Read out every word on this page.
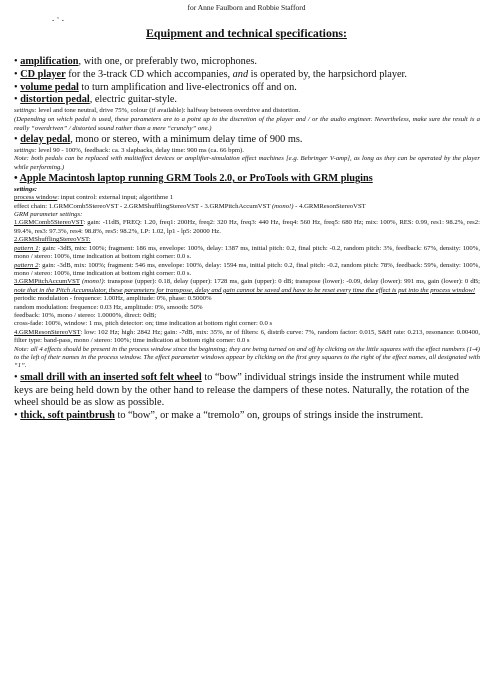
for Anne Faulborn and Robbie Stafford
. · .
Equipment and technical specifications:

• amplification, with one, or preferably two, microphones.

• CD player for the 3-track CD which accompanies, and is operated by, the harpsichord player.

• volume pedal to turn amplification and live-electronics off and on.

• distortion pedal, electric guitar-style.

settings: level and tone neutral, drive 75%, colour (if available): halfway between overdrive and distortion.

(Depending on which pedal is used, these parameters are to a point up to the discretion of the player and / or the audio engineer. Nevertheless, make sure the result is a really “overdriven” / distorted sound rather than a mere “crunchy” one.)

• delay pedal, mono or stereo, with a minimum delay time of 900 ms.

settings: level 90 - 100%, feedback: ca. 3 slapbacks, delay time: 900 ms (ca. 66 bpm).

Note: both pedals can be replaced with multieffect devices or amplifier-simulation effect machines [e.g. Behringer V-amp], as long as they can be operated by the player while performing.)

• Apple Macintosh laptop running GRM Tools 2.0, or ProTools with GRM plugins

settings:

process window: input control: external input; algorithme 1

effect chain: 1.GRMComb5StereoVST - 2.GRMShufflingStereoVST - 3.GRMPitchAccumVST (mono!) - 4.GRMResonStereoVST

GRM parameter settings:

1.GRMComb5StereoVST: gain: -11dB, FREQ: 1.20, freq1: 200Hz, freq2: 320 Hz, freq3: 440 Hz, freq4: 560 Hz, freq5: 680 Hz; mix: 100%, RES: 0.99, res1: 98.2%, res2: 99.4%, res3: 97.3%, res4: 98.8%, res5: 98.2%, LP: 1.02, lp1 - lp5: 20000 Hz.

2.GRMShufflingStereoVST:

pattern 1: gain: -3dB, mix: 100%; fragment: 186 ms, envelope: 100%, delay: 1387 ms, initial pitch: 0.2, final pitch: -0.2, random pitch: 3%, feedback: 67%, density: 100%, mono / stereo: 100%, time indication at bottom right corner: 0.0 s.

pattern 2: gain: -3dB, mix: 100%; fragment: 546 ms, envelope: 100%, delay: 1594 ms, initial pitch: 0.2, final pitch: -0.2, random pitch: 78%, feedback: 59%, density: 100%, mono / stereo: 100%, time indication at bottom right corner: 0.0 s.

3.GRMPitchAccumVST (mono!): transpose (upper): 0.18, delay (upper): 1728 ms, gain (upper): 0 dB; transpose (lower): -0.09, delay (lower): 991 ms, gain (lower): 0 dB; note that in the Pitch Accumulator, these parameters for transpose, delay and gain cannot be saved and have to be reset every time the effect is put into the process window!

periodic modulation - frequence: 1.00Hz, amplitude: 0%, phase: 0.5000%

random modulation: frequence: 0.03 Hz, amplitude: 0%, smooth: 50%

feedback: 10%, mono / stereo: 1.0000%, direct: 0dB;

cross-fade: 100%, window: 1 ms, pitch detector: on; time indication at bottom right corner: 0.0 s

4.GRMResonStereoVST: low: 102 Hz; high: 2842 Hz; gain: -7dB, mix: 35%, nr of filters: 6, distrib curve: 7%, random factor: 0.015, S&H rate: 0.213, resonance: 0.00400, filter type: band-pass, mono / stereo: 100%; time indication at bottom right corner: 0.0 s

Note: all 4 effects should be present in the process window since the beginning; they are being turned on and off by clicking on the little squares with the effect numbers (1-4) to the left of their names in the process window. The effect parameter windows appear by clicking on the first grey squares to the right of the effect names, all designated with “1”.

• small drill with an inserted soft felt wheel to “bow” individual strings inside the instrument while muted keys are being held down by the other hand to release the dampers of these notes. Naturally, the rotation of the wheel should be as slow as possible.

• thick, soft paintbrush to “bow”, or make a “tremolo” on, groups of strings inside the instrument.
